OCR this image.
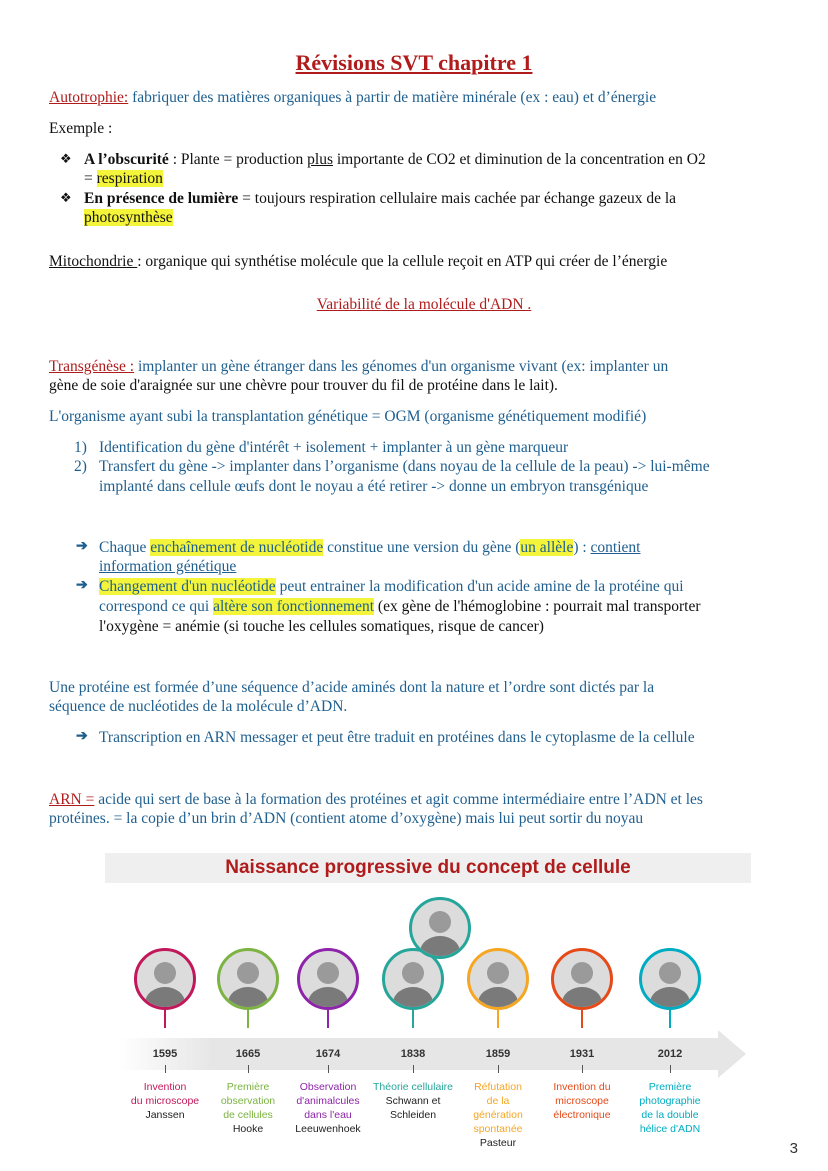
Révisions SVT chapitre 1
Autotrophie: fabriquer des matières organiques à partir de matière minérale (ex : eau) et d’énergie
Exemple :
❖ A l’obscurité : Plante = production plus importante de CO2 et diminution de la concentration en O2
= respiration
❖ En présence de lumière = toujours respiration cellulaire mais cachée par échange gazeux de la
photosynthèse
Mitochondrie : organique qui synthétise molécule que la cellule reçoit en ATP qui créer de l’énergie
Variabilité de la molécule d'ADN .
Transgénèse : implanter un gène étranger dans les génomes d'un organisme vivant (ex: implanter un
gène de soie d'araignée sur une chèvre pour trouver du fil de protéine dans le lait).
L'organisme ayant subi la transplantation génétique = OGM (organisme génétiquement modifié)
1) Identification du gène d'intérêt + isolement + implanter à un gène marqueur
2) Transfert du gène -> implanter dans l’organisme (dans noyau de la cellule de la peau) -> lui-même
implanté dans cellule œufs dont le noyau a été retirer -> donne un embryon transgénique
➔ Chaque enchaînement de nucléotide constitue une version du gène (un allèle) : contient
information génétique
➔ Changement d'un nucléotide peut entrainer la modification d'un acide amine de la protéine qui
correspond ce qui altère son fonctionnement (ex gène de l'hémoglobine : pourrait mal transporter
l'oxygène = anémie (si touche les cellules somatiques, risque de cancer)
Une protéine est formée d’une séquence d’acide aminés dont la nature et l’ordre sont dictés par la
séquence de nucléotides de la molécule d’ADN.
➔ Transcription en ARN messager et peut être traduit en protéines dans le cytoplasme de la cellule
ARN = acide qui sert de base à la formation des protéines et agit comme intermédiaire entre l’ADN et les
protéines. = la copie d’un brin d’ADN (contient atome d’oxygène) mais lui peut sortir du noyau
Naissance progressive du concept de cellule
1595
Invention
du microscope
Janssen
1665
Première
observation
de cellules
Hooke
1674
Observation
d'animalcules
dans l'eau
Leeuwenhoek
1838
Théorie cellulaire
Schwann et
Schleiden
1859
Réfutation
de la
génération
spontanée
Pasteur
1931
Invention du
microscope
électronique
2012
Première
photographie
de la double
hélice d'ADN
3
